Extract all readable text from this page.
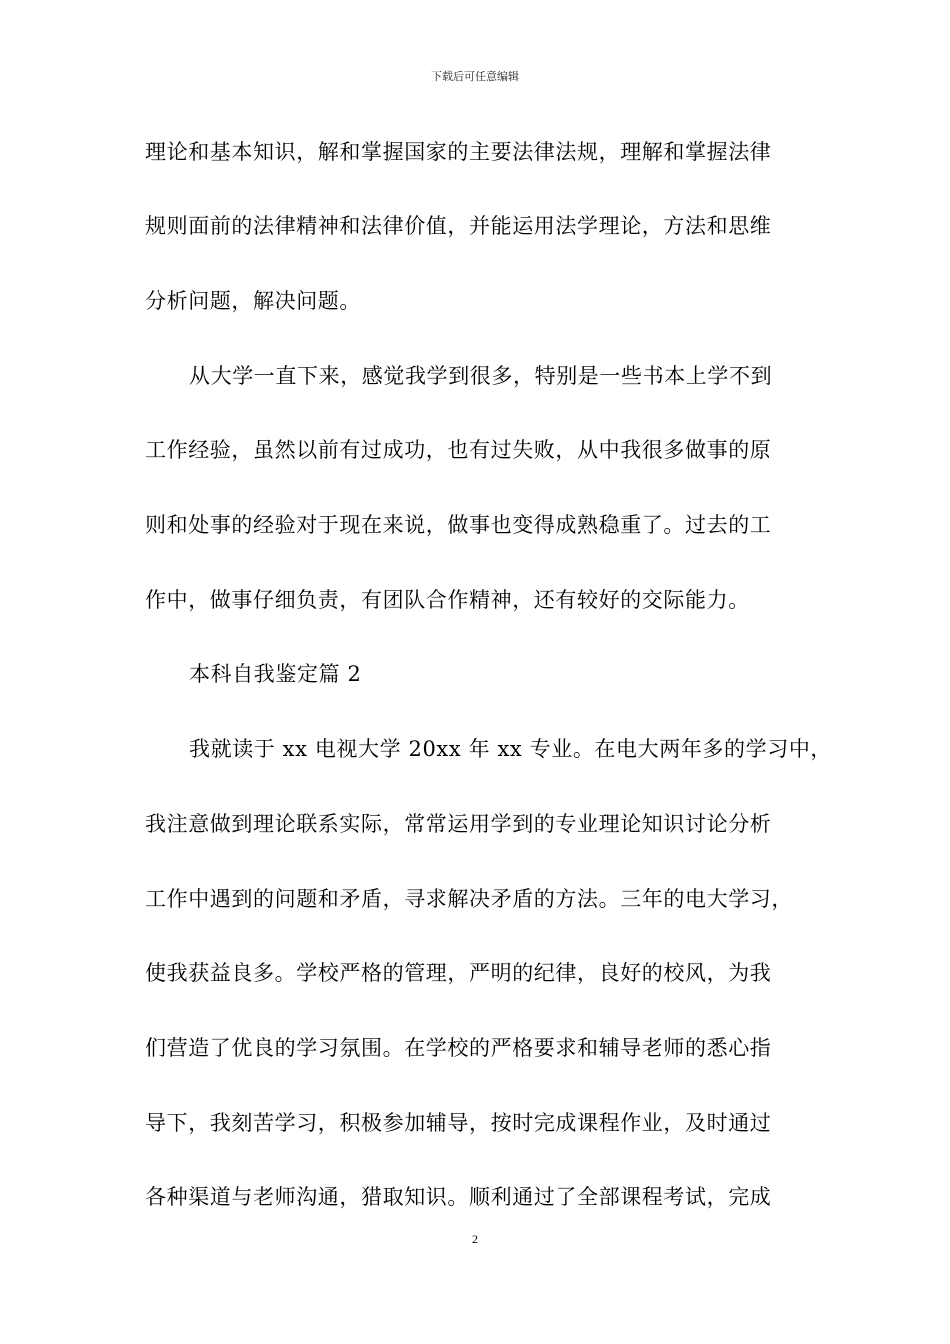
下载后可任意编辑
理论和基本知识，解和掌握国家的主要法律法规，理解和掌握法律
规则面前的法律精神和法律价值，并能运用法学理论，方法和思维
分析问题，解决问题。
从大学一直下来，感觉我学到很多，特别是一些书本上学不到
工作经验，虽然以前有过成功，也有过失败，从中我很多做事的原
则和处事的经验对于现在来说，做事也变得成熟稳重了。过去的工
作中，做事仔细负责，有团队合作精神，还有较好的交际能力。
本科自我鉴定篇 2
我就读于 xx 电视大学 20xx 年 xx 专业。在电大两年多的学习中，
我注意做到理论联系实际，常常运用学到的专业理论知识讨论分析
工作中遇到的问题和矛盾，寻求解决矛盾的方法。三年的电大学习，
使我获益良多。学校严格的管理，严明的纪律，良好的校风，为我
们营造了优良的学习氛围。在学校的严格要求和辅导老师的悉心指
导下，我刻苦学习，积极参加辅导，按时完成课程作业，及时通过
各种渠道与老师沟通，猎取知识。顺利通过了全部课程考试，完成
2
